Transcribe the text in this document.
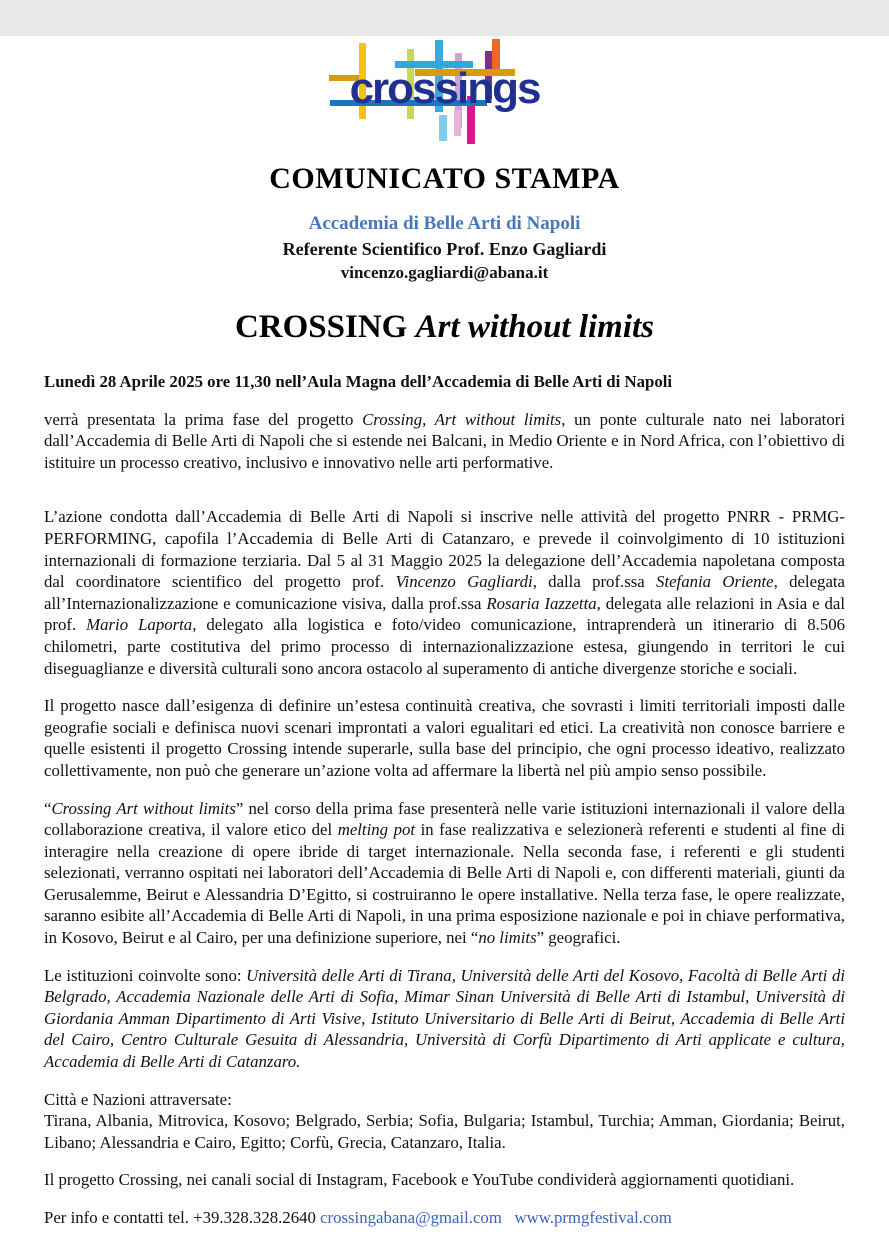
crossings
COMUNICATO STAMPA
Accademia di Belle Arti di Napoli
Referente Scientifico Prof. Enzo Gagliardi
vincenzo.gagliardi@abana.it
CROSSING Art without limits

Lunedì 28 Aprile 2025 ore 11,30 nell’Aula Magna dell’Accademia di Belle Arti di Napoli

verrà presentata la prima fase del progetto Crossing, Art without limits, un ponte culturale nato nei laboratori dall’Accademia di Belle Arti di Napoli che si estende nei Balcani, in Medio Oriente e in Nord Africa, con l’obiettivo di istituire un processo creativo, inclusivo e innovativo nelle arti performative.

L’azione condotta dall’Accademia di Belle Arti di Napoli si inscrive nelle attività del progetto PNRR - PRMG-PERFORMING, capofila l’Accademia di Belle Arti di Catanzaro, e prevede il coinvolgimento di 10 istituzioni internazionali di formazione terziaria. Dal 5 al 31 Maggio 2025 la delegazione dell’Accademia napoletana composta dal coordinatore scientifico del progetto prof. Vincenzo Gagliardi, dalla prof.ssa Stefania Oriente, delegata all’Internazionalizzazione e comunicazione visiva, dalla prof.ssa Rosaria Iazzetta, delegata alle relazioni in Asia e dal prof. Mario Laporta, delegato alla logistica e foto/video comunicazione, intraprenderà un itinerario di 8.506 chilometri, parte costitutiva del primo processo di internazionalizzazione estesa, giungendo in territori le cui diseguaglianze e diversità culturali sono ancora ostacolo al superamento di antiche divergenze storiche e sociali.

Il progetto nasce dall’esigenza di definire un’estesa continuità creativa, che sovrasti i limiti territoriali imposti dalle geografie sociali e definisca nuovi scenari improntati a valori egualitari ed etici. La creatività non conosce barriere e quelle esistenti il progetto Crossing intende superarle, sulla base del principio, che ogni processo ideativo, realizzato collettivamente, non può che generare un’azione volta ad affermare la libertà nel più ampio senso possibile.

“Crossing Art without limits” nel corso della prima fase presenterà nelle varie istituzioni internazionali il valore della collaborazione creativa, il valore etico del melting pot in fase realizzativa e selezionerà referenti e studenti al fine di interagire nella creazione di opere ibride di target internazionale. Nella seconda fase, i referenti e gli studenti selezionati, verranno ospitati nei laboratori dell’Accademia di Belle Arti di Napoli e, con differenti materiali, giunti da Gerusalemme, Beirut e Alessandria D’Egitto, si costruiranno le opere installative. Nella terza fase, le opere realizzate, saranno esibite all’Accademia di Belle Arti di Napoli, in una prima esposizione nazionale e poi in chiave performativa, in Kosovo, Beirut e al Cairo, per una definizione superiore, nei “no limits” geografici.

Le istituzioni coinvolte sono: Università delle Arti di Tirana, Università delle Arti del Kosovo, Facoltà di Belle Arti di Belgrado, Accademia Nazionale delle Arti di Sofia, Mimar Sinan Università di Belle Arti di Istambul, Università di Giordania Amman Dipartimento di Arti Visive, Istituto Universitario di Belle Arti di Beirut, Accademia di Belle Arti del Cairo, Centro Culturale Gesuita di Alessandria, Università di Corfù Dipartimento di Arti applicate e cultura, Accademia di Belle Arti di Catanzaro.

Città e Nazioni attraversate:
Tirana, Albania, Mitrovica, Kosovo; Belgrado, Serbia; Sofia, Bulgaria; Istambul, Turchia; Amman, Giordania; Beirut, Libano; Alessandria e Cairo, Egitto; Corfù, Grecia, Catanzaro, Italia.

Il progetto Crossing, nei canali social di Instagram, Facebook e YouTube condividerà aggiornamenti quotidiani.

Per info e contatti tel. +39.328.328.2640 crossingabana@gmail.com www.prmgfestival.com
